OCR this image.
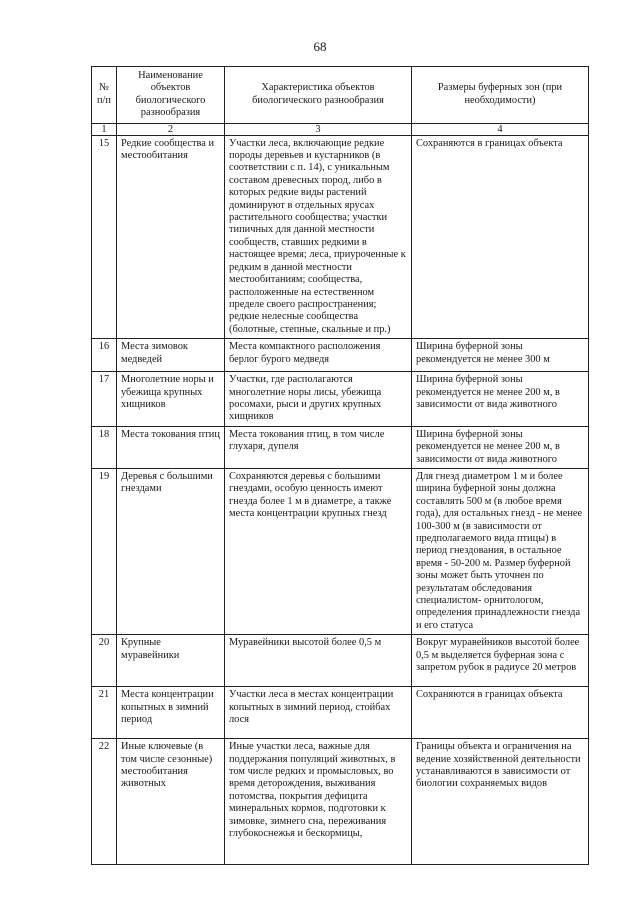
68
№ п/п	Наименование объектов биологического разнообразия	Характеристика объектов биологического разнообразия	Размеры буферных зон (при необходимости)
1	2	3	4
15	Редкие сообщества и местообитания	Участки леса, включающие редкие породы деревьев и кустарников (в соответствии с п. 14), с уникальным составом древесных пород, либо в которых редкие виды растений доминируют в отдельных ярусах растительного сообщества; участки типичных для данной местности сообществ, ставших редкими в настоящее время; леса, приуроченные к редким в данной местности местообитаниям; сообщества, расположенные на естественном пределе своего распространения; редкие нелесные сообщества (болотные, степные, скальные и пр.)	Сохраняются в границах объекта
16	Места зимовок медведей	Места компактного расположения берлог бурого медведя	Ширина буферной зоны рекомендуется не менее 300 м
17	Многолетние норы и убежища крупных хищников	Участки, где располагаются многолетние норы лисы, убежища росомахи, рыси и других крупных хищников	Ширина буферной зоны рекомендуется не менее 200 м, в зависимости от вида животного
18	Места токования птиц	Места токования птиц, в том числе глухаря, дупеля	Ширина буферной зоны рекомендуется не менее 200 м, в зависимости от вида животного
19	Деревья с большими гнездами	Сохраняются деревья с большими гнездами, особую ценность имеют гнезда более 1 м в диаметре, а также места концентрации крупных гнезд	Для гнезд диаметром 1 м и более ширина буферной зоны должна составлять 500 м (в любое время года), для остальных гнезд - не менее 100-300 м (в зависимости от предполагаемого вида птицы) в период гнездования, в остальное время - 50-200 м. Размер буферной зоны может быть уточнен по результатам обследования специалистом- орнитологом, определения принадлежности гнезда и его статуса
20	Крупные муравейники	Муравейники высотой более 0,5 м	Вокруг муравейников высотой более 0,5 м выделяется буферная зона с запретом рубок в радиусе 20 метров
21	Места концентрации копытных в зимний период	Участки леса в местах концентрации копытных в зимний период, стойбах лося	Сохраняются в границах объекта
22	Иные ключевые (в том числе сезонные) местообитания животных	Иные участки леса, важные для поддержания популяций животных, в том числе редких и промысловых, во время деторождения, выживания потомства, покрытия дефицита минеральных кормов, подготовки к зимовке, зимнего сна, переживания глубокоснежья и бескормицы,	Границы объекта и ограничения на ведение хозяйственной деятельности устанавливаются в зависимости от биологии сохраняемых видов
